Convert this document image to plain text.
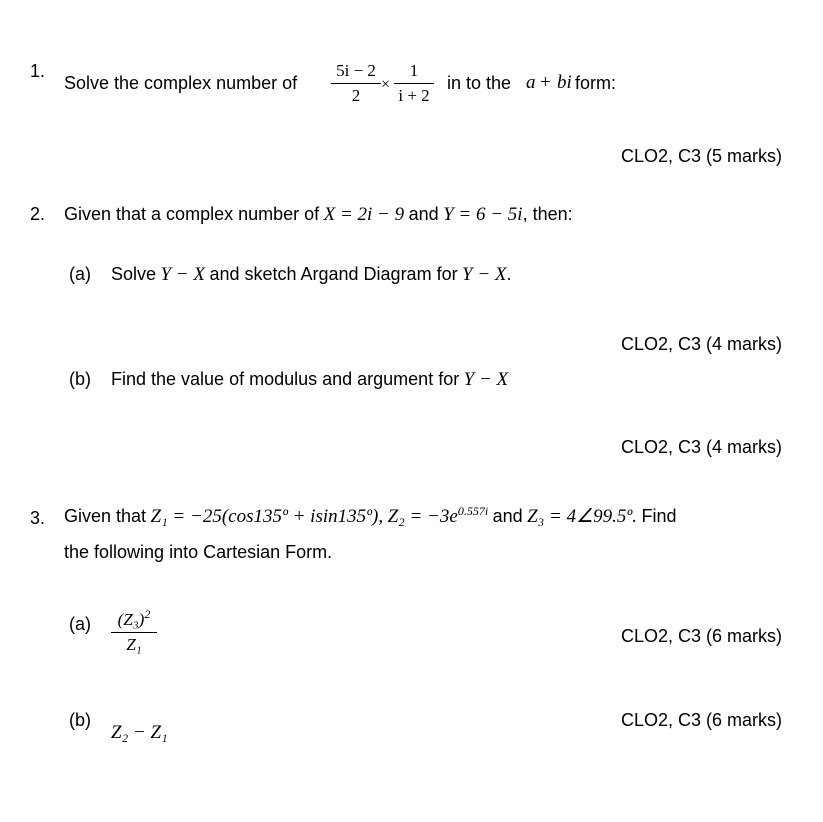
1.
Solve the complex number of
5i − 2
2
×
1
i + 2
in to the a + bi form:
CLO2, C3 (5 marks)
2. Given that a complex number of X = 2i − 9 and Y = 6 − 5i, then:
(a) Solve Y − X and sketch Argand Diagram for Y − X.
CLO2, C3 (4 marks)
(b) Find the value of modulus and argument for Y − X
CLO2, C3 (4 marks)
3. Given that Z₁ = −25(cos135º + isin135º), $Z_2 = -3e^{0.557i}$ and Z₃ = 4∠99.5º. Find
the following into Cartesian Form.
(a)	$(Z_3)^2$
Z₁	CLO2, C3 (6 marks)
(b)
Z₂ − Z₁
CLO2, C3 (6 marks)
